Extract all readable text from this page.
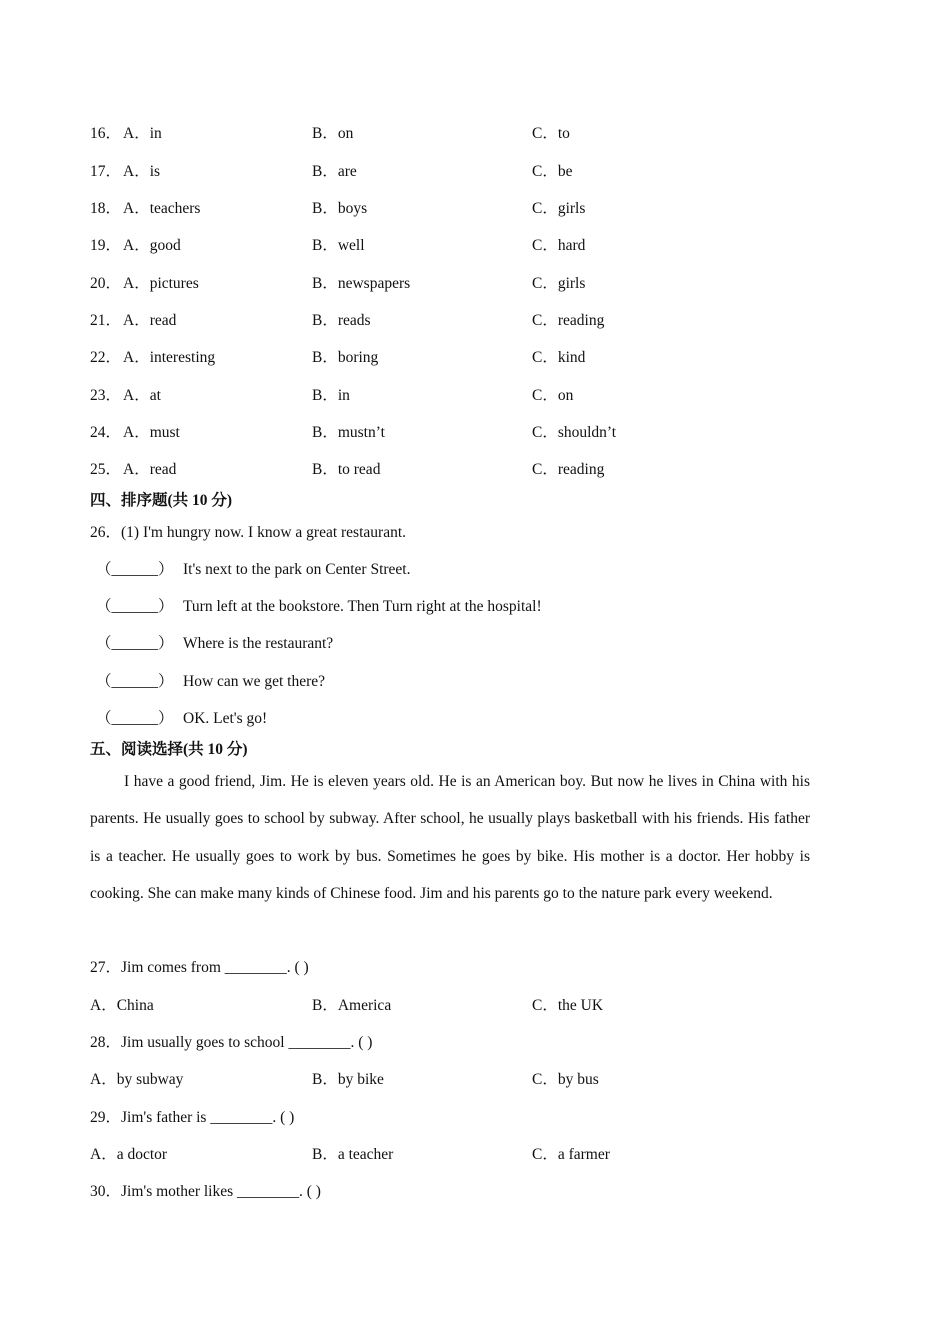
16． A．in	B．on	C．to
17． A．is	B．are	C．be
18． A．teachers	B．boys	C．girls
19． A．good	B．well	C．hard
20． A．pictures	B．newspapers	C．girls
21． A．read	B．reads	C．reading
22． A．interesting	B．boring	C．kind
23． A．at	B．in	C．on
24． A．must	B．mustn’t	C．shouldn’t
25． A．read	B．to read	C．reading
四、排序题(共 10 分)
26．(1) I'm hungry now. I know a great restaurant.
（______） It's next to the park on Center Street.
（______） Turn left at the bookstore. Then Turn right at the hospital!
（______） Where is the restaurant?
（______） How can we get there?
（______） OK. Let's go!
五、阅读选择(共 10 分)
I have a good friend, Jim. He is eleven years old. He is an American boy. But now he lives in China with his parents. He usually goes to school by subway. After school, he usually plays basketball with his friends. His father is a teacher. He usually goes to work by bus. Sometimes he goes by bike. His mother is a doctor. Her hobby is cooking. She can make many kinds of Chinese food. Jim and his parents go to the nature park every weekend.
27．Jim comes from ________. ( )
A．China	B．America	C．the UK
28．Jim usually goes to school ________. ( )
A．by subway	B．by bike	C．by bus
29．Jim's father is ________. ( )
A．a doctor	B．a teacher	C．a farmer
30．Jim's mother likes ________. ( )
